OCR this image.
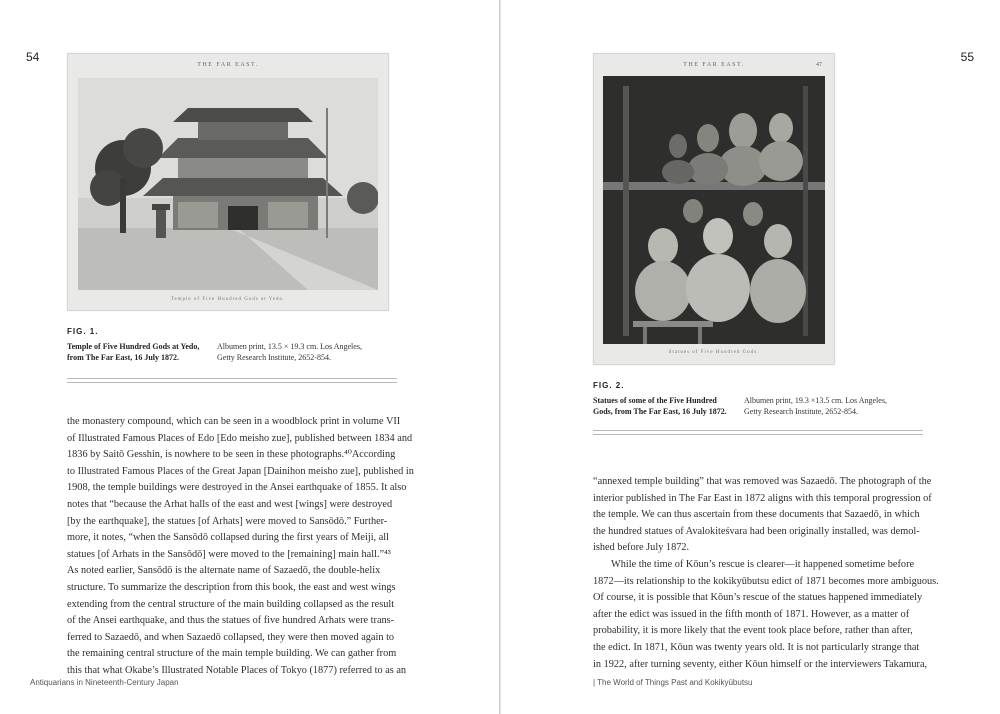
54
THE FAR EAST.
Temple of Five Hundred Gods at Yedo.
FIG. 1.
Temple of Five Hundred Gods at Yedo,
from The Far East, 16 July 1872.
Albumen print, 13.5 × 19.3 cm. Los Angeles,
Getty Research Institute, 2652-854.
the monastery compound, which can be seen in a woodblock print in volume VII
of Illustrated Famous Places of Edo [Edo meisho zue], published between 1834 and
1836 by Saitō Gesshin, is nowhere to be seen in these photographs.⁴⁰According
to Illustrated Famous Places of the Great Japan [Dainihon meisho zue], published in
1908, the temple buildings were destroyed in the Ansei earthquake of 1855. It also
notes that “because the Arhat halls of the east and west [wings] were destroyed
[by the earthquake], the statues [of Arhats] were moved to Sansōdō.” Further-
more, it notes, “when the Sansōdō collapsed during the first years of Meiji, all
statues [of Arhats in the Sansōdō] were moved to the [remaining] main hall.”⁴³
As noted earlier, Sansōdō is the alternate name of Sazaedō, the double-helix
structure. To summarize the description from this book, the east and west wings
extending from the central structure of the main building collapsed as the result
of the Ansei earthquake, and thus the statues of five hundred Arhats were trans-
ferred to Sazaedō, and when Sazaedō collapsed, they were then moved again to
the remaining central structure of the main temple building. We can gather from
this that what Okabe’s Illustrated Notable Places of Tokyo (1877) referred to as an
Antiquarians in Nineteenth-Century Japan
55
THE FAR EAST.	47
Statues of Five Hundred Gods.
FIG. 2.
Statues of some of the Five Hundred
Gods, from The Far East, 16 July 1872.
Albumen print, 19.3 ×13.5 cm. Los Angeles,
Getty Research Institute, 2652-854.
“annexed temple building” that was removed was Sazaedō. The photograph of the
interior published in The Far East in 1872 aligns with this temporal progression of
the temple. We can thus ascertain from these documents that Sazaedō, in which
the hundred statues of Avalokiteśvara had been originally installed, was demol-
ished before July 1872.
While the time of Kōun’s rescue is clearer—it happened sometime before
1872—its relationship to the kokikyūbutsu edict of 1871 becomes more ambiguous.
Of course, it is possible that Kōun’s rescue of the statues happened immediately
after the edict was issued in the fifth month of 1871. However, as a matter of
probability, it is more likely that the event took place before, rather than after,
the edict. In 1871, Kōun was twenty years old. It is not particularly strange that
in 1922, after turning seventy, either Kōun himself or the interviewers Takamura,
| The World of Things Past and Kokikyūbutsu
